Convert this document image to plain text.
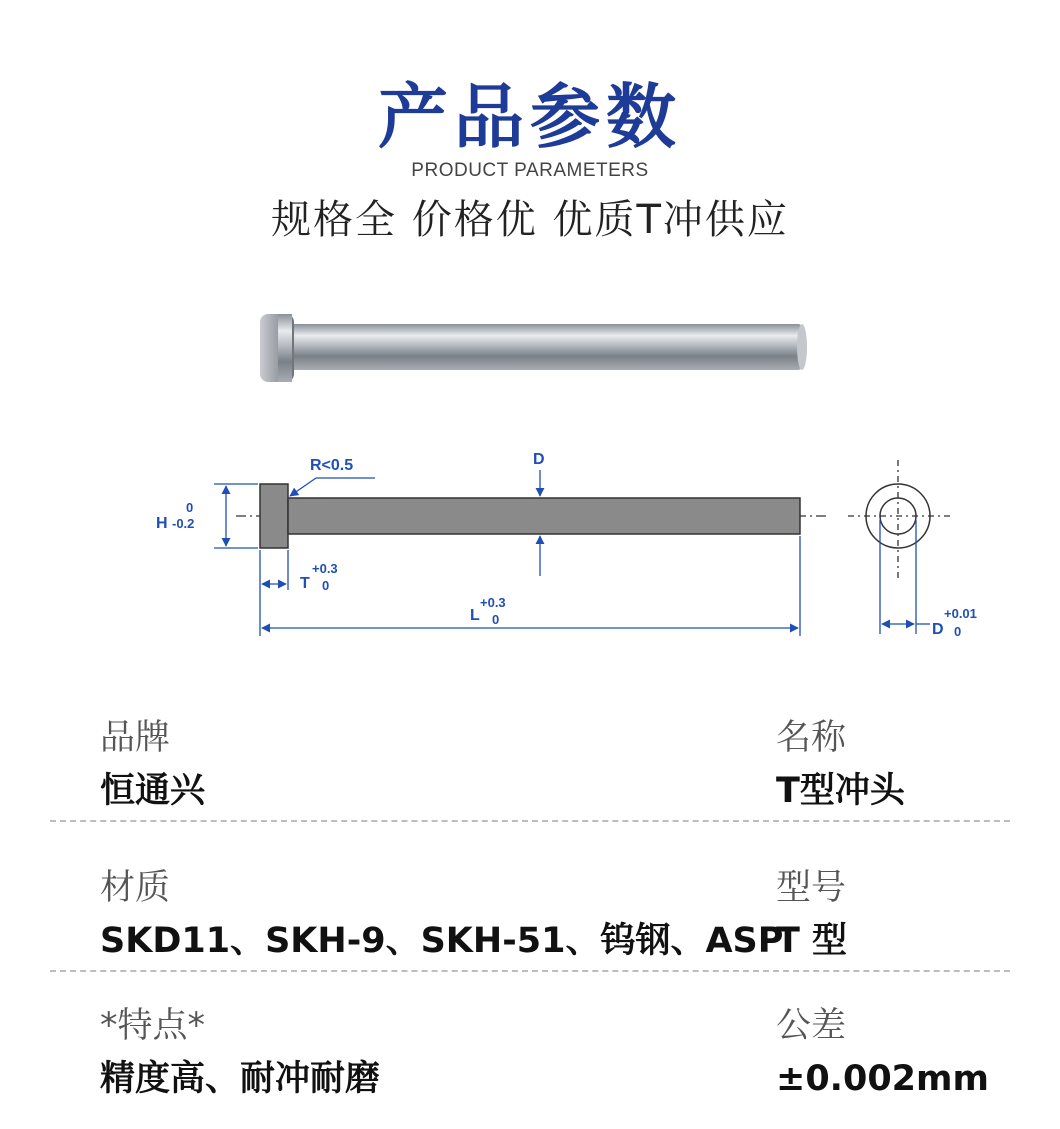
产品参数
PRODUCT PARAMETERS
规格全 价格优 优质T冲供应
H
0
-0.2
R<0.5	D
T
+0.3
0
L
+0.3
0
D
+0.01
0
品牌
恒通兴
名称
T型冲头
材质
SKD11、SKH-9、SKH-51、钨钢、ASP
型号
T 型
*特点*
精度高、耐冲耐磨
公差
±0.002mm
